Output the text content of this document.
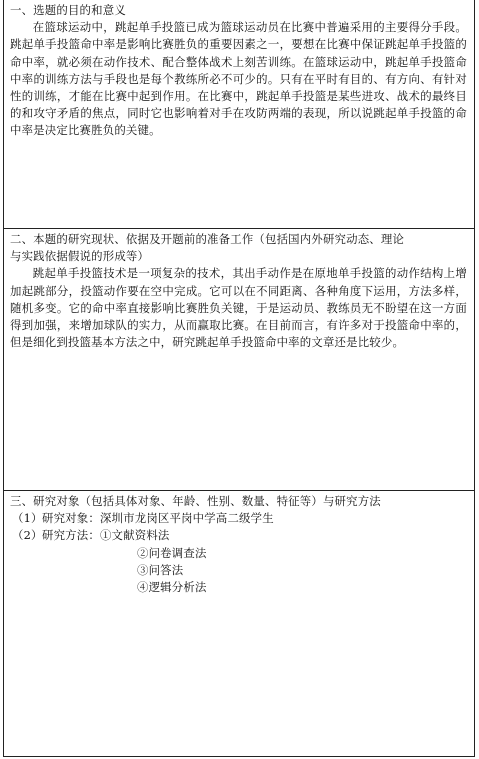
一、选题的目的和意义

在篮球运动中，跳起单手投篮已成为篮球运动员在比赛中普遍采用的主要得分手段。跳起单手投篮命中率是影响比赛胜负的重要因素之一，要想在比赛中保证跳起单手投篮的命中率，就必须在动作技术、配合整体战术上刻苦训练。在篮球运动中，跳起单手投篮命中率的训练方法与手段也是每个教练所必不可少的。只有在平时有目的、有方向、有针对性的训练，才能在比赛中起到作用。在比赛中，跳起单手投篮是某些进攻、战术的最终目的和攻守矛盾的焦点，同时它也影响着对手在攻防两端的表现，所以说跳起单手投篮的命中率是决定比赛胜负的关键。

二、本题的研究现状、依据及开题前的准备工作（包括国内外研究动态、理论
与实践依据假说的形成等）

跳起单手投篮技术是一项复杂的技术，其出手动作是在原地单手投篮的动作结构上增加起跳部分，投篮动作要在空中完成。它可以在不同距离、各种角度下运用，方法多样，随机多变。它的命中率直接影响比赛胜负关键，于是运动员、教练员无不盼望在这一方面得到加强，来增加球队的实力，从而赢取比赛。在目前而言，有许多对于投篮命中率的，但是细化到投篮基本方法之中，研究跳起单手投篮命中率的文章还是比较少。

三、研究对象（包括具体对象、年龄、性别、数量、特征等）与研究方法
（1）研究对象：深圳市龙岗区平岗中学高二级学生
（2）研究方法：①文献资料法
②问卷调查法
③问答法
④逻辑分析法
